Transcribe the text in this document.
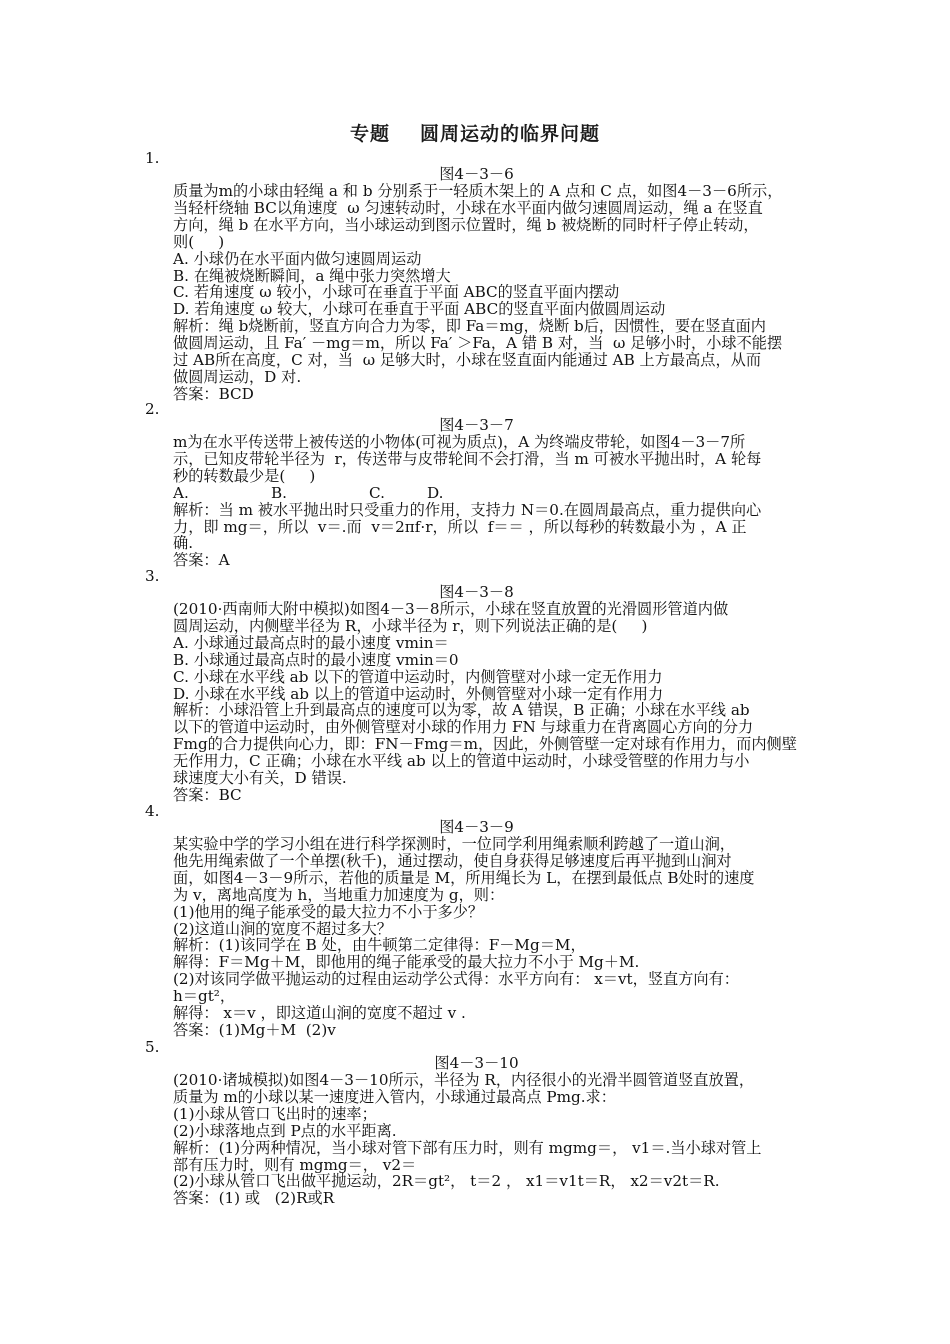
专题 圆周运动的临界问题
1.
图4－3－6
质量为m的小球由轻绳 a 和 b 分别系于一轻质木架上的 A 点和 C 点，如图4－3－6所示，
当轻杆绕轴 BC以角速度  ω 匀速转动时，小球在水平面内做匀速圆周运动，绳 a 在竖直
方向，绳 b 在水平方向，当小球运动到图示位置时，绳 b 被烧断的同时杆子停止转动，
则(     )
A. 小球仍在水平面内做匀速圆周运动
B. 在绳被烧断瞬间，a 绳中张力突然增大
C. 若角速度 ω 较小，小球可在垂直于平面 ABC的竖直平面内摆动
D. 若角速度 ω 较大，小球可在垂直于平面 ABC的竖直平面内做圆周运动
解析：绳 b烧断前，竖直方向合力为零，即 Fa＝mg，烧断 b后，因惯性，要在竖直面内
做圆周运动，且 Fa′ －mg＝m，所以 Fa′ ＞Fa，A 错 B 对，当  ω 足够小时，小球不能摆
过 AB所在高度，C 对，当  ω 足够大时，小球在竖直面内能通过 AB 上方最高点，从而
做圆周运动，D 对.
答案：BCD
2.
图4－3－7
m为在水平传送带上被传送的小物体(可视为质点)，A 为终端皮带轮，如图4－3－7所
示，已知皮带轮半径为  r，传送带与皮带轮间不会打滑，当 m 可被水平抛出时，A 轮每
秒的转数最少是(     )
A.	B.	C.	D.
解析：当 m 被水平抛出时只受重力的作用，支持力 N＝0.在圆周最高点，重力提供向心
力，即 mg＝，所以  v＝.而  v＝2πf·r，所以  f＝＝ ，所以每秒的转数最小为 ，A 正
确.
答案：A
3.
图4－3－8
(2010·西南师大附中模拟)如图4－3－8所示，小球在竖直放置的光滑圆形管道内做
圆周运动，内侧壁半径为 R，小球半径为 r，则下列说法正确的是(     )
A. 小球通过最高点时的最小速度 vmin＝
B. 小球通过最高点时的最小速度 vmin＝0
C. 小球在水平线 ab 以下的管道中运动时，内侧管壁对小球一定无作用力
D. 小球在水平线 ab 以上的管道中运动时，外侧管壁对小球一定有作用力
解析：小球沿管上升到最高点的速度可以为零，故 A 错误，B 正确；小球在水平线 ab
以下的管道中运动时，由外侧管壁对小球的作用力 FN 与球重力在背离圆心方向的分力
Fmg的合力提供向心力，即：FN－Fmg＝m，因此，外侧管壁一定对球有作用力，而内侧壁
无作用力，C 正确；小球在水平线 ab 以上的管道中运动时，小球受管壁的作用力与小
球速度大小有关，D 错误.
答案：BC
4.
图4－3－9
某实验中学的学习小组在进行科学探测时，一位同学利用绳索顺利跨越了一道山涧，
他先用绳索做了一个单摆(秋千)，通过摆动，使自身获得足够速度后再平抛到山涧对
面，如图4－3－9所示，若他的质量是 M，所用绳长为 L，在摆到最低点 B处时的速度
为 v，离地高度为 h，当地重力加速度为 g，则：
(1)他用的绳子能承受的最大拉力不小于多少？
(2)这道山涧的宽度不超过多大？
解析：(1)该同学在 B 处，由牛顿第二定律得：F－Mg＝M，
解得：F＝Mg＋M，即他用的绳子能承受的最大拉力不小于 Mg＋M.
(2)对该同学做平抛运动的过程由运动学公式得：水平方向有： x＝vt，竖直方向有：
h＝gt²，
解得： x＝v ，即这道山涧的宽度不超过 v .
答案：(1)Mg＋M  (2)v
5.
图4－3－10
(2010·诸城模拟)如图4－3－10所示，半径为 R，内径很小的光滑半圆管道竖直放置，
质量为 m的小球以某一速度进入管内，小球通过最高点 Pmg.求：
(1)小球从管口飞出时的速率；
(2)小球落地点到 P点的水平距离.
解析：(1)分两种情况，当小球对管下部有压力时，则有 mgmg＝， v1＝.当小球对管上
部有压力时，则有 mgmg＝， v2＝
(2)小球从管口飞出做平抛运动，2R＝gt²， t＝2 ， x1＝v1t＝R， x2＝v2t＝R.
答案：(1) 或   (2)R或R
